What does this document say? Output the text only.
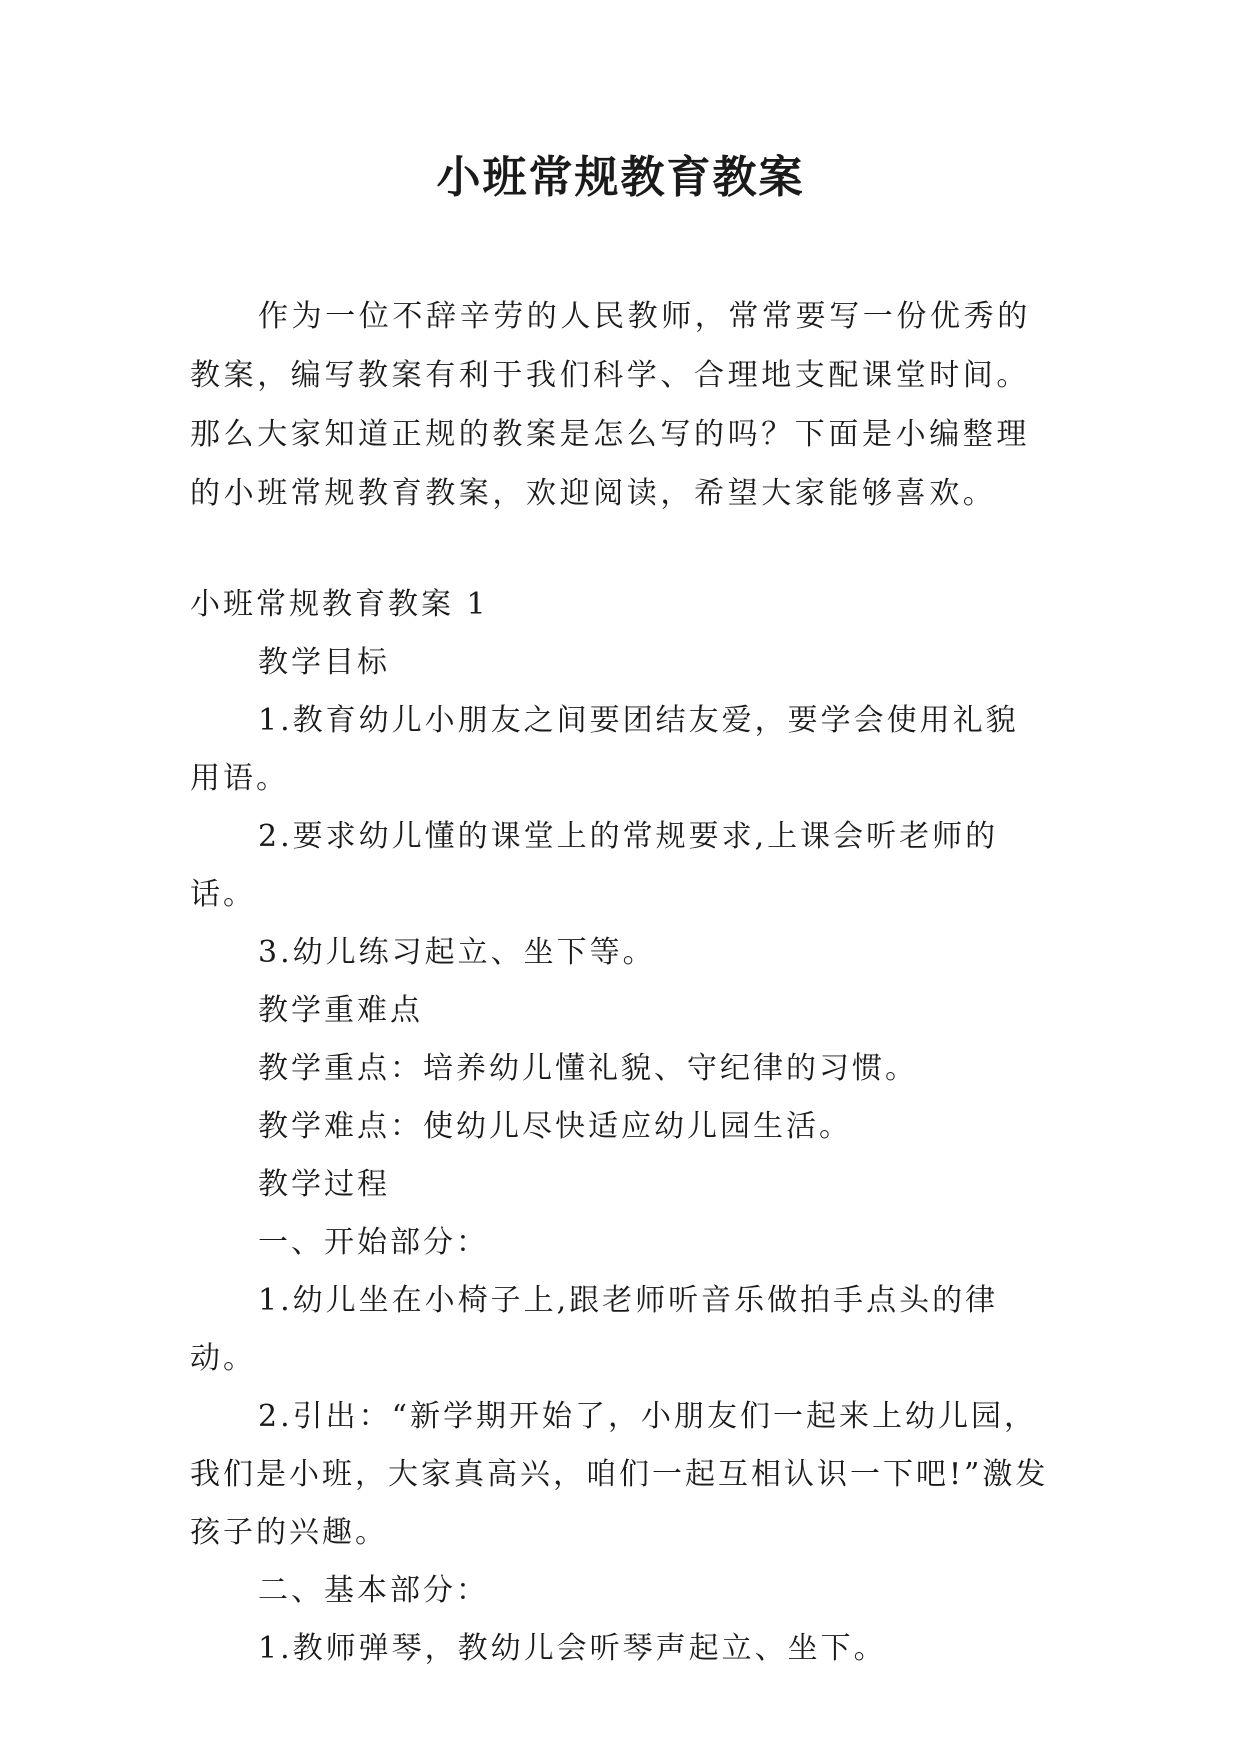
小班常规教育教案

作为一位不辞辛劳的人民教师，常常要写一份优秀的教案，编写教案有利于我们科学、合理地支配课堂时间。那么大家知道正规的教案是怎么写的吗？下面是小编整理的小班常规教育教案，欢迎阅读，希望大家能够喜欢。

小班常规教育教案 1

教学目标

1.教育幼儿小朋友之间要团结友爱，要学会使用礼貌用语。

2.要求幼儿懂的课堂上的常规要求,上课会听老师的话。

3.幼儿练习起立、坐下等。

教学重难点

教学重点：培养幼儿懂礼貌、守纪律的习惯。

教学难点：使幼儿尽快适应幼儿园生活。

教学过程

一、开始部分：

1.幼儿坐在小椅子上,跟老师听音乐做拍手点头的律动。

2.引出：“新学期开始了，小朋友们一起来上幼儿园，我们是小班，大家真高兴，咱们一起互相认识一下吧!”激发孩子的兴趣。

二、基本部分：

1.教师弹琴，教幼儿会听琴声起立、坐下。
